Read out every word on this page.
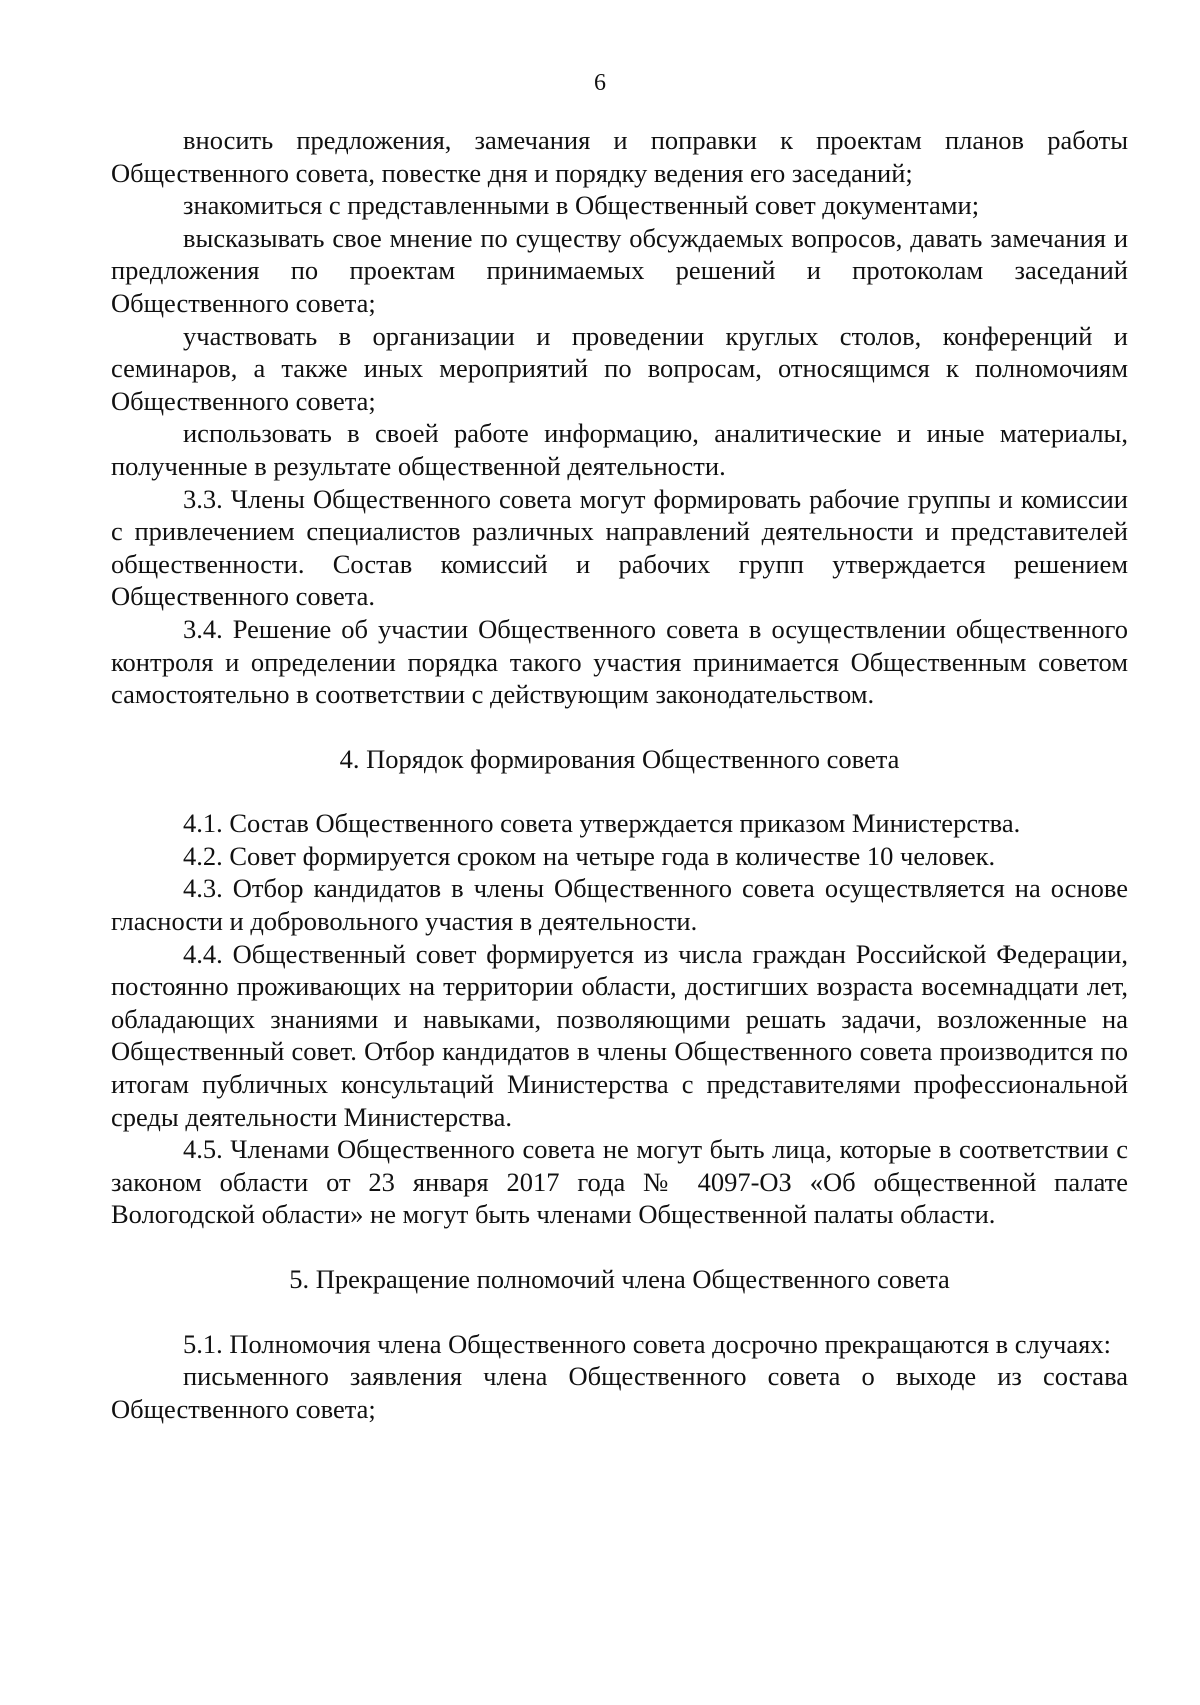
6

вносить предложения, замечания и поправки к проектам планов работы Общественного совета, повестке дня и порядку ведения его заседаний;

знакомиться с представленными в Общественный совет документами;

высказывать свое мнение по существу обсуждаемых вопросов, давать замечания и предложения по проектам принимаемых решений и протоколам заседаний Общественного совета;

участвовать в организации и проведении круглых столов, конференций и семинаров, а также иных мероприятий по вопросам, относящимся к полномочиям Общественного совета;

использовать в своей работе информацию, аналитические и иные материалы, полученные в результате общественной деятельности.

3.3. Члены Общественного совета могут формировать рабочие группы и комиссии с привлечением специалистов различных направлений деятельности и представителей общественности. Состав комиссий и рабочих групп утверждается решением Общественного совета.

3.4. Решение об участии Общественного совета в осуществлении общественного контроля и определении порядка такого участия принимается Общественным советом самостоятельно в соответствии с действующим законодательством.

4. Порядок формирования Общественного совета

4.1. Состав Общественного совета утверждается приказом Министерства.

4.2. Совет формируется сроком на четыре года в количестве 10 человек.

4.3. Отбор кандидатов в члены Общественного совета осуществляется на основе гласности и добровольного участия в деятельности.

4.4. Общественный совет формируется из числа граждан Российской Федерации, постоянно проживающих на территории области, достигших возраста восемнадцати лет, обладающих знаниями и навыками, позволяющими решать задачи, возложенные на Общественный совет. Отбор кандидатов в члены Общественного совета производится по итогам публичных консультаций Министерства с представителями профессиональной среды деятельности Министерства.

4.5. Членами Общественного совета не могут быть лица, которые в соответствии с законом области от 23 января 2017 года № 4097-ОЗ «Об общественной палате Вологодской области» не могут быть членами Общественной палаты области.

5. Прекращение полномочий члена Общественного совета

5.1. Полномочия члена Общественного совета досрочно прекращаются в случаях:

письменного заявления члена Общественного совета о выходе из состава Общественного совета;
